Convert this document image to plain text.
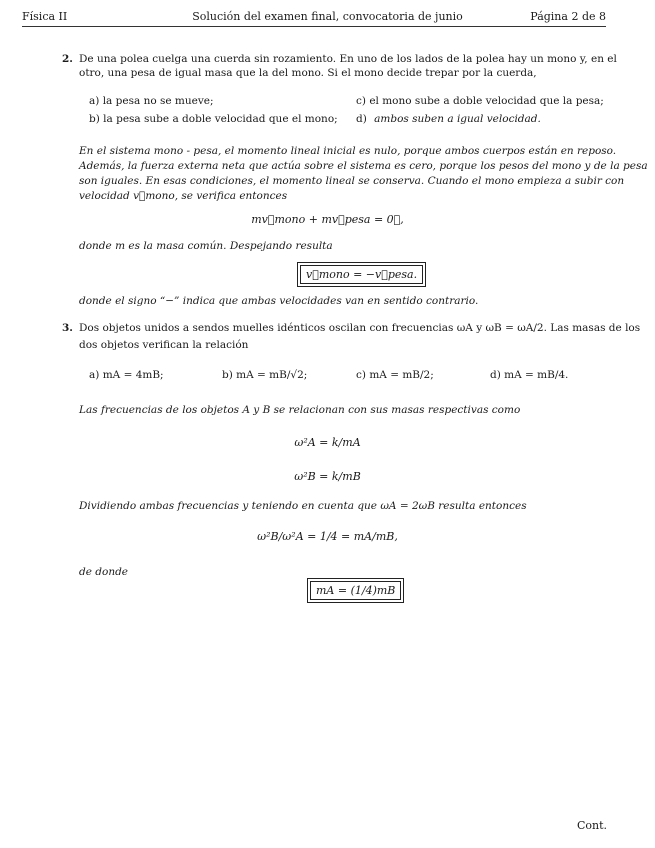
Física II	Solución del examen final, convocatoria de junio	Página 2 de 8
2. De una polea cuelga una cuerda sin rozamiento. En uno de los lados de la polea hay un mono y, en el
otro, una pesa de igual masa que la del mono. Si el mono decide trepar por la cuerda,
a) la pesa no se mueve;
b) la pesa sube a doble velocidad que el mono;
c) el mono sube a doble velocidad que la pesa;
d) ambos suben a igual velocidad.
En el sistema mono - pesa, el momento lineal inicial es nulo, porque ambos cuerpos están en reposo.
Además, la fuerza externa neta que actúa sobre el sistema es cero, porque los pesos del mono y de la pesa
son iguales. En esas condiciones, el momento lineal se conserva. Cuando el mono empieza a subir con
velocidad v⃗mono, se verifica entonces
mv⃗mono + mv⃗pesa = 0⃗,
donde m es la masa común. Despejando resulta
v⃗mono = −v⃗pesa.
donde el signo “−” indica que ambas velocidades van en sentido contrario.
3. Dos objetos unidos a sendos muelles idénticos oscilan con frecuencias ωA y ωB = ωA/2. Las masas de los
dos objetos verifican la relación
a) mA = 4mB;	b) mA = mB/√2;	c) mA = mB/2;	d) mA = mB/4.
Las frecuencias de los objetos A y B se relacionan con sus masas respectivas como
ω²A = k/mA
ω²B = k/mB
Dividiendo ambas frecuencias y teniendo en cuenta que ωA = 2ωB resulta entonces
ω²B/ω²A = 1/4 = mA/mB,
de donde
mA = (1/4)mB
Cont.
